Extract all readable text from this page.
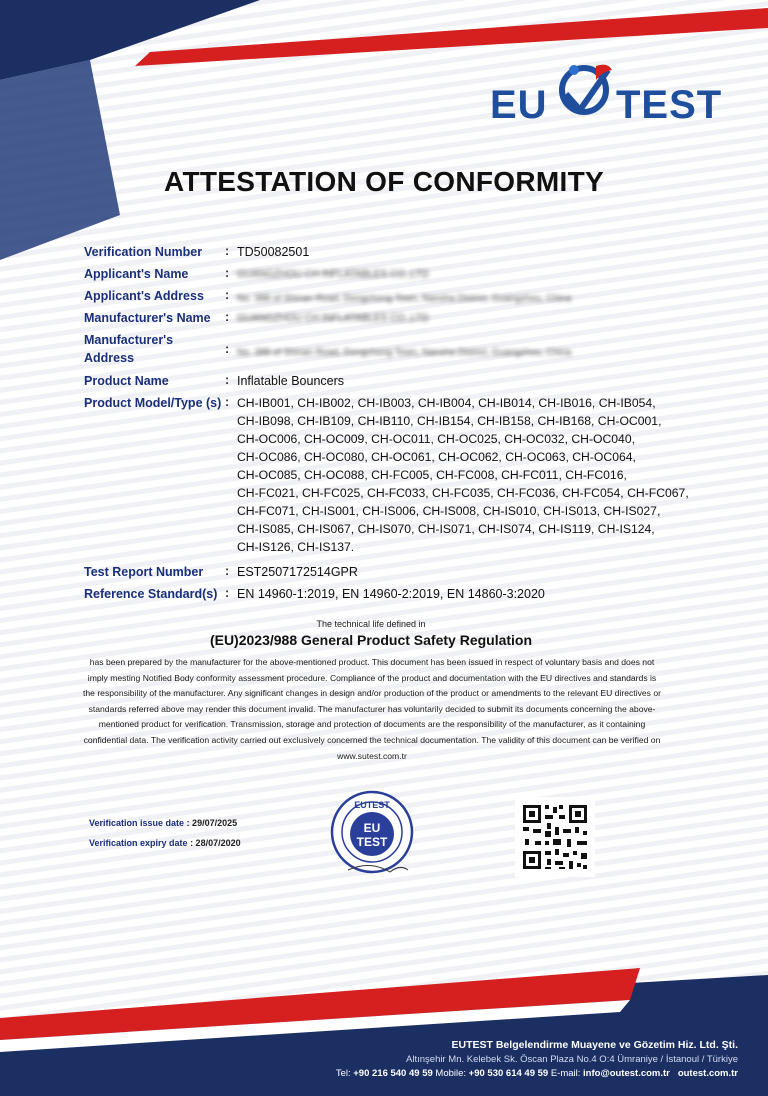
EU TEST
ATTESTATION OF CONFORMITY
Verification Number : TD50082501
Applicant's Name	: GUANGZHOU CH INFLATABLES CO.,LTD
Applicant's Address : No. 388 of Shinan Road, Dongchong Town, Nansha District, Guangzhou, China
Manufacturer's Name : GUANGZHOU CH INFLATABLES CO.,LTD
Manufacturer's
Address
: No. 388 of Shinan Road, Dongchong Town, Nansha District, Guangzhou, China
Product Name	: Inflatable Bouncers
Product Model/Type (s) : CH-IB001, CH-IB002, CH-IB003, CH-IB004, CH-IB014, CH-IB016, CH-IB054,
CH-IB098, CH-IB109, CH-IB110, CH-IB154, CH-IB158, CH-IB168, CH-OC001,
CH-OC006, CH-OC009, CH-OC011, CH-OC025, CH-OC032, CH-OC040,
CH-OC086, CH-OC080, CH-OC061, CH-OC062, CH-OC063, CH-OC064,
CH-OC085, CH-OC088, CH-FC005, CH-FC008, CH-FC011, CH-FC016,
CH-FC021, CH-FC025, CH-FC033, CH-FC035, CH-FC036, CH-FC054, CH-FC067,
CH-FC071, CH-IS001, CH-IS006, CH-IS008, CH-IS010, CH-IS013, CH-IS027,
CH-IS085, CH-IS067, CH-IS070, CH-IS071, CH-IS074, CH-IS119, CH-IS124,
CH-IS126, CH-IS137.
Test Report Number : EST2507172514GPR
Reference Standard(s) : EN 14960-1:2019, EN 14960-2:2019, EN 14860-3:2020
The technical life defined in
(EU)2023/988 General Product Safety Regulation
has been prepared by the manufacturer for the above-mentioned product. This document has been issued in respect of voluntary basis and does not imply mesting Notified Body conformity assessment procedure. Compliance of the product and documentation with the EU directives and standards is the responsibility of the manufacturer. Any significant changes in design and/or production of the product or amendments to the relevant EU directives or standards referred above may render this document invalid. The manufacturer has voluntarily decided to submit its documents concerning the above-mentioned product for verification. Transmission, storage and protection of documents are the responsibility of the manufacturer, as it containing confidential data. The verification activity carried out exclusively concerned the technical documentation. The validity of this document can be verified on www.sutest.com.tr
Verification issue date : 29/07/2025
Verification expiry date : 28/07/2020
EUTEST
EU
TEST
EUTEST Belgelendirme Muayene ve Gözetim Hiz. Ltd. Şti.
Altınşehir Mn. Kelebek Sk. Öscan Plaza No.4 O:4 Ümraniye / İstanoul / Türkiye
Tel: +90 216 540 49 59 Mobile: +90 530 614 49 59 E-mail: info@outest.com.tr outest.com.tr
